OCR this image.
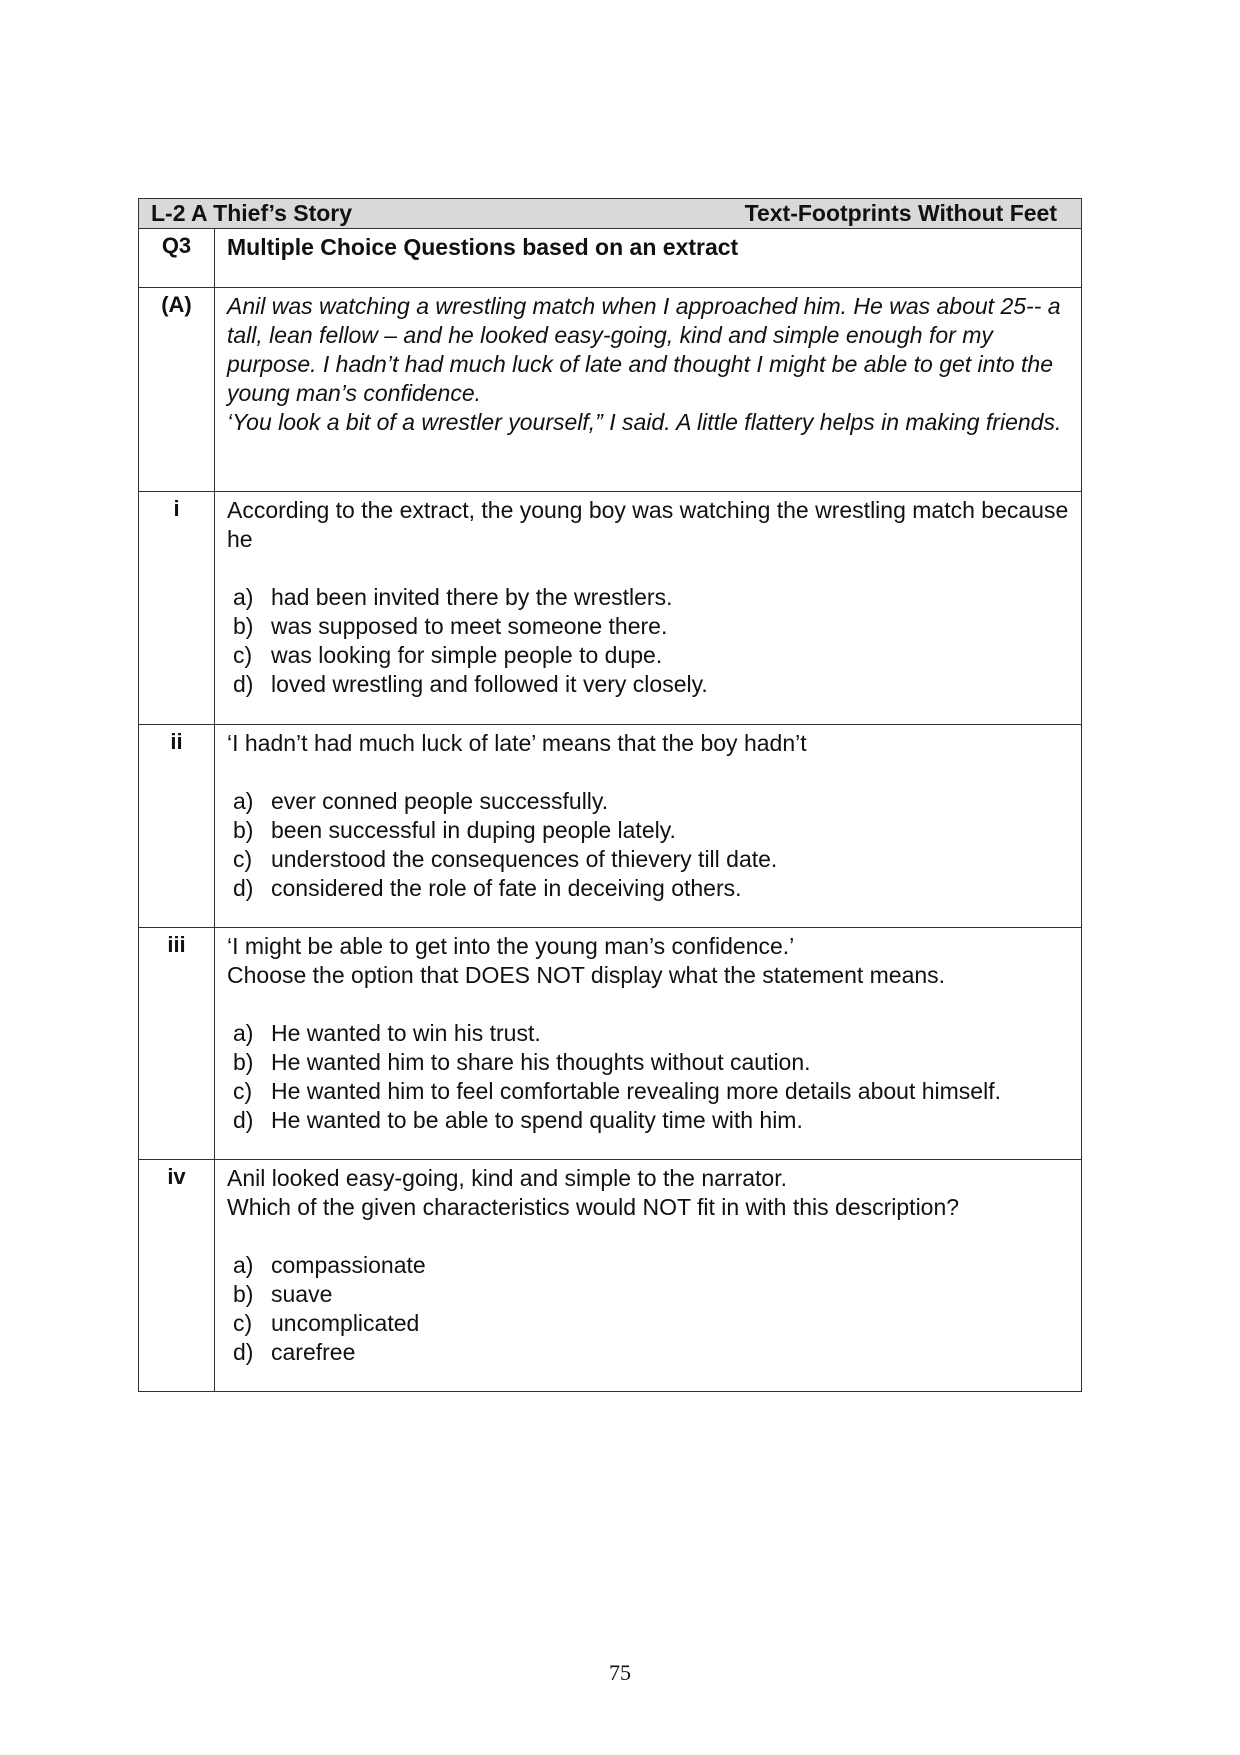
L-2 A Thief’s Story	Text-Footprints Without Feet
Q3	Multiple Choice Questions based on an extract
(A)	Anil was watching a wrestling match when I approached him. He was about 25-- a tall, lean fellow – and he looked easy-going, kind and simple enough for my purpose. I hadn’t had much luck of late and thought I might be able to get into the young man’s confidence.
‘You look a bit of a wrestler yourself,” I said. A little flattery helps in making friends.
i	According to the extract, the young boy was watching the wrestling match because he
a) had been invited there by the wrestlers.
b) was supposed to meet someone there.
c) was looking for simple people to dupe.
d) loved wrestling and followed it very closely.
ii	‘I hadn’t had much luck of late’ means that the boy hadn’t
a) ever conned people successfully.
b) been successful in duping people lately.
c) understood the consequences of thievery till date.
d) considered the role of fate in deceiving others.
iii	‘I might be able to get into the young man’s confidence.’
Choose the option that DOES NOT display what the statement means.
a) He wanted to win his trust.
b) He wanted him to share his thoughts without caution.
c) He wanted him to feel comfortable revealing more details about himself.
d) He wanted to be able to spend quality time with him.
iv	Anil looked easy-going, kind and simple to the narrator.
Which of the given characteristics would NOT fit in with this description?
a) compassionate
b) suave
c) uncomplicated
d) carefree
75
